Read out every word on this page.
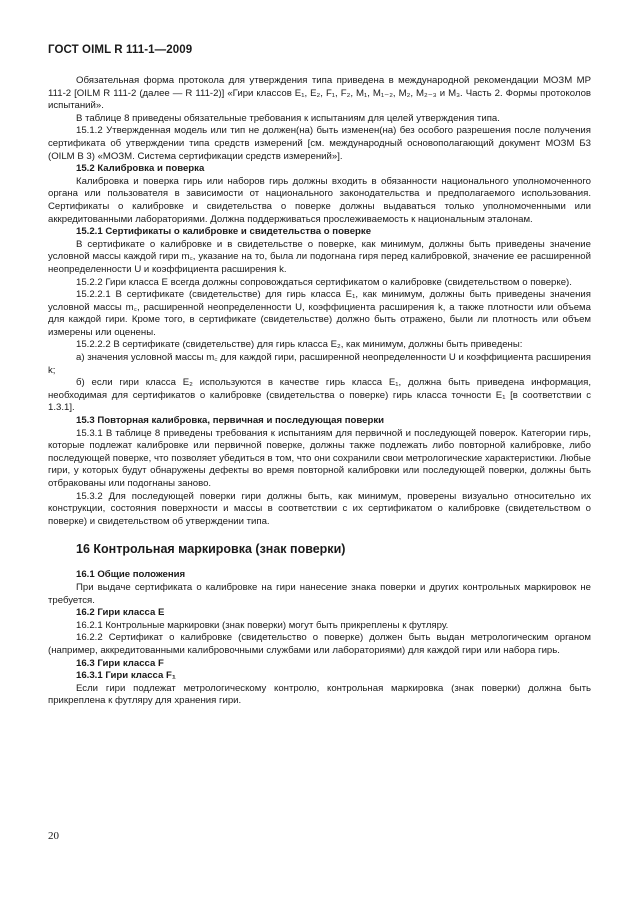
ГОСТ OIML R 111-1—2009

Обязательная форма протокола для утверждения типа приведена в международной рекомендации МОЗМ МР 111-2 [OILM R 111-2 (далее — R 111-2)] «Гири классов Е₁, Е₂, F₁, F₂, М₁, М₁₋₂, М₂, М₂₋₃ и М₃. Часть 2. Формы протоколов испытаний».

В таблице 8 приведены обязательные требования к испытаниям для целей утверждения типа.

15.1.2 Утвержденная модель или тип не должен(на) быть изменен(на) без особого разрешения после получения сертификата об утверждении типа средств измерений [см. международный основополагающий документ МОЗМ Б3 (OILM B 3) «МОЗМ. Система сертификации средств измерений»].

15.2 Калибровка и поверка

Калибровка и поверка гирь или наборов гирь должны входить в обязанности национального уполномоченного органа или пользователя в зависимости от национального законодательства и предполагаемого использования. Сертификаты о калибровке и свидетельства о поверке должны выдаваться только уполномоченными или аккредитованными лабораториями. Должна поддерживаться прослеживаемость к национальным эталонам.

15.2.1 Сертификаты о калибровке и свидетельства о поверке

В сертификате о калибровке и в свидетельстве о поверке, как минимум, должны быть приведены значение условной массы каждой гири m꜀, указание на то, была ли подогнана гиря перед калибровкой, значение ее расширенной неопределенности U и коэффициента расширения k.

15.2.2 Гири класса Е всегда должны сопровождаться сертификатом о калибровке (свидетельством о поверке).

15.2.2.1 В сертификате (свидетельстве) для гирь класса Е₁, как минимум, должны быть приведены значения условной массы m꜀, расширенной неопределенности U, коэффициента расширения k, а также плотности или объема для каждой гири. Кроме того, в сертификате (свидетельстве) должно быть отражено, были ли плотность или объем измерены или оценены.

15.2.2.2 В сертификате (свидетельстве) для гирь класса Е₂, как минимум, должны быть приведены:

а) значения условной массы m꜀ для каждой гири, расширенной неопределенности U и коэффициента расширения k;

б) если гири класса Е₂ используются в качестве гирь класса Е₁, должна быть приведена информация, необходимая для сертификатов о калибровке (свидетельства о поверке) гирь класса точности Е₁ [в соответствии с 1.3.1].

15.3 Повторная калибровка, первичная и последующая поверки

15.3.1 В таблице 8 приведены требования к испытаниям для первичной и последующей поверок. Категории гирь, которые подлежат калибровке или первичной поверке, должны также подлежать либо повторной калибровке, либо последующей поверке, что позволяет убедиться в том, что они сохранили свои метрологические характеристики. Любые гири, у которых будут обнаружены дефекты во время повторной калибровки или последующей поверки, должны быть отбракованы или подогнаны заново.

15.3.2 Для последующей поверки гири должны быть, как минимум, проверены визуально относительно их конструкции, состояния поверхности и массы в соответствии с их сертификатом о калибровке (свидетельством о поверке) и свидетельством об утверждении типа.

16 Контрольная маркировка (знак поверки)

16.1 Общие положения

При выдаче сертификата о калибровке на гири нанесение знака поверки и других контрольных маркировок не требуется.

16.2 Гири класса Е

16.2.1 Контрольные маркировки (знак поверки) могут быть прикреплены к футляру.

16.2.2 Сертификат о калибровке (свидетельство о поверке) должен быть выдан метрологическим органом (например, аккредитованными калибровочными службами или лабораториями) для каждой гири или набора гирь.

16.3 Гири класса F

16.3.1 Гири класса F₁

Если гири подлежат метрологическому контролю, контрольная маркировка (знак поверки) должна быть прикреплена к футляру для хранения гири.

20
